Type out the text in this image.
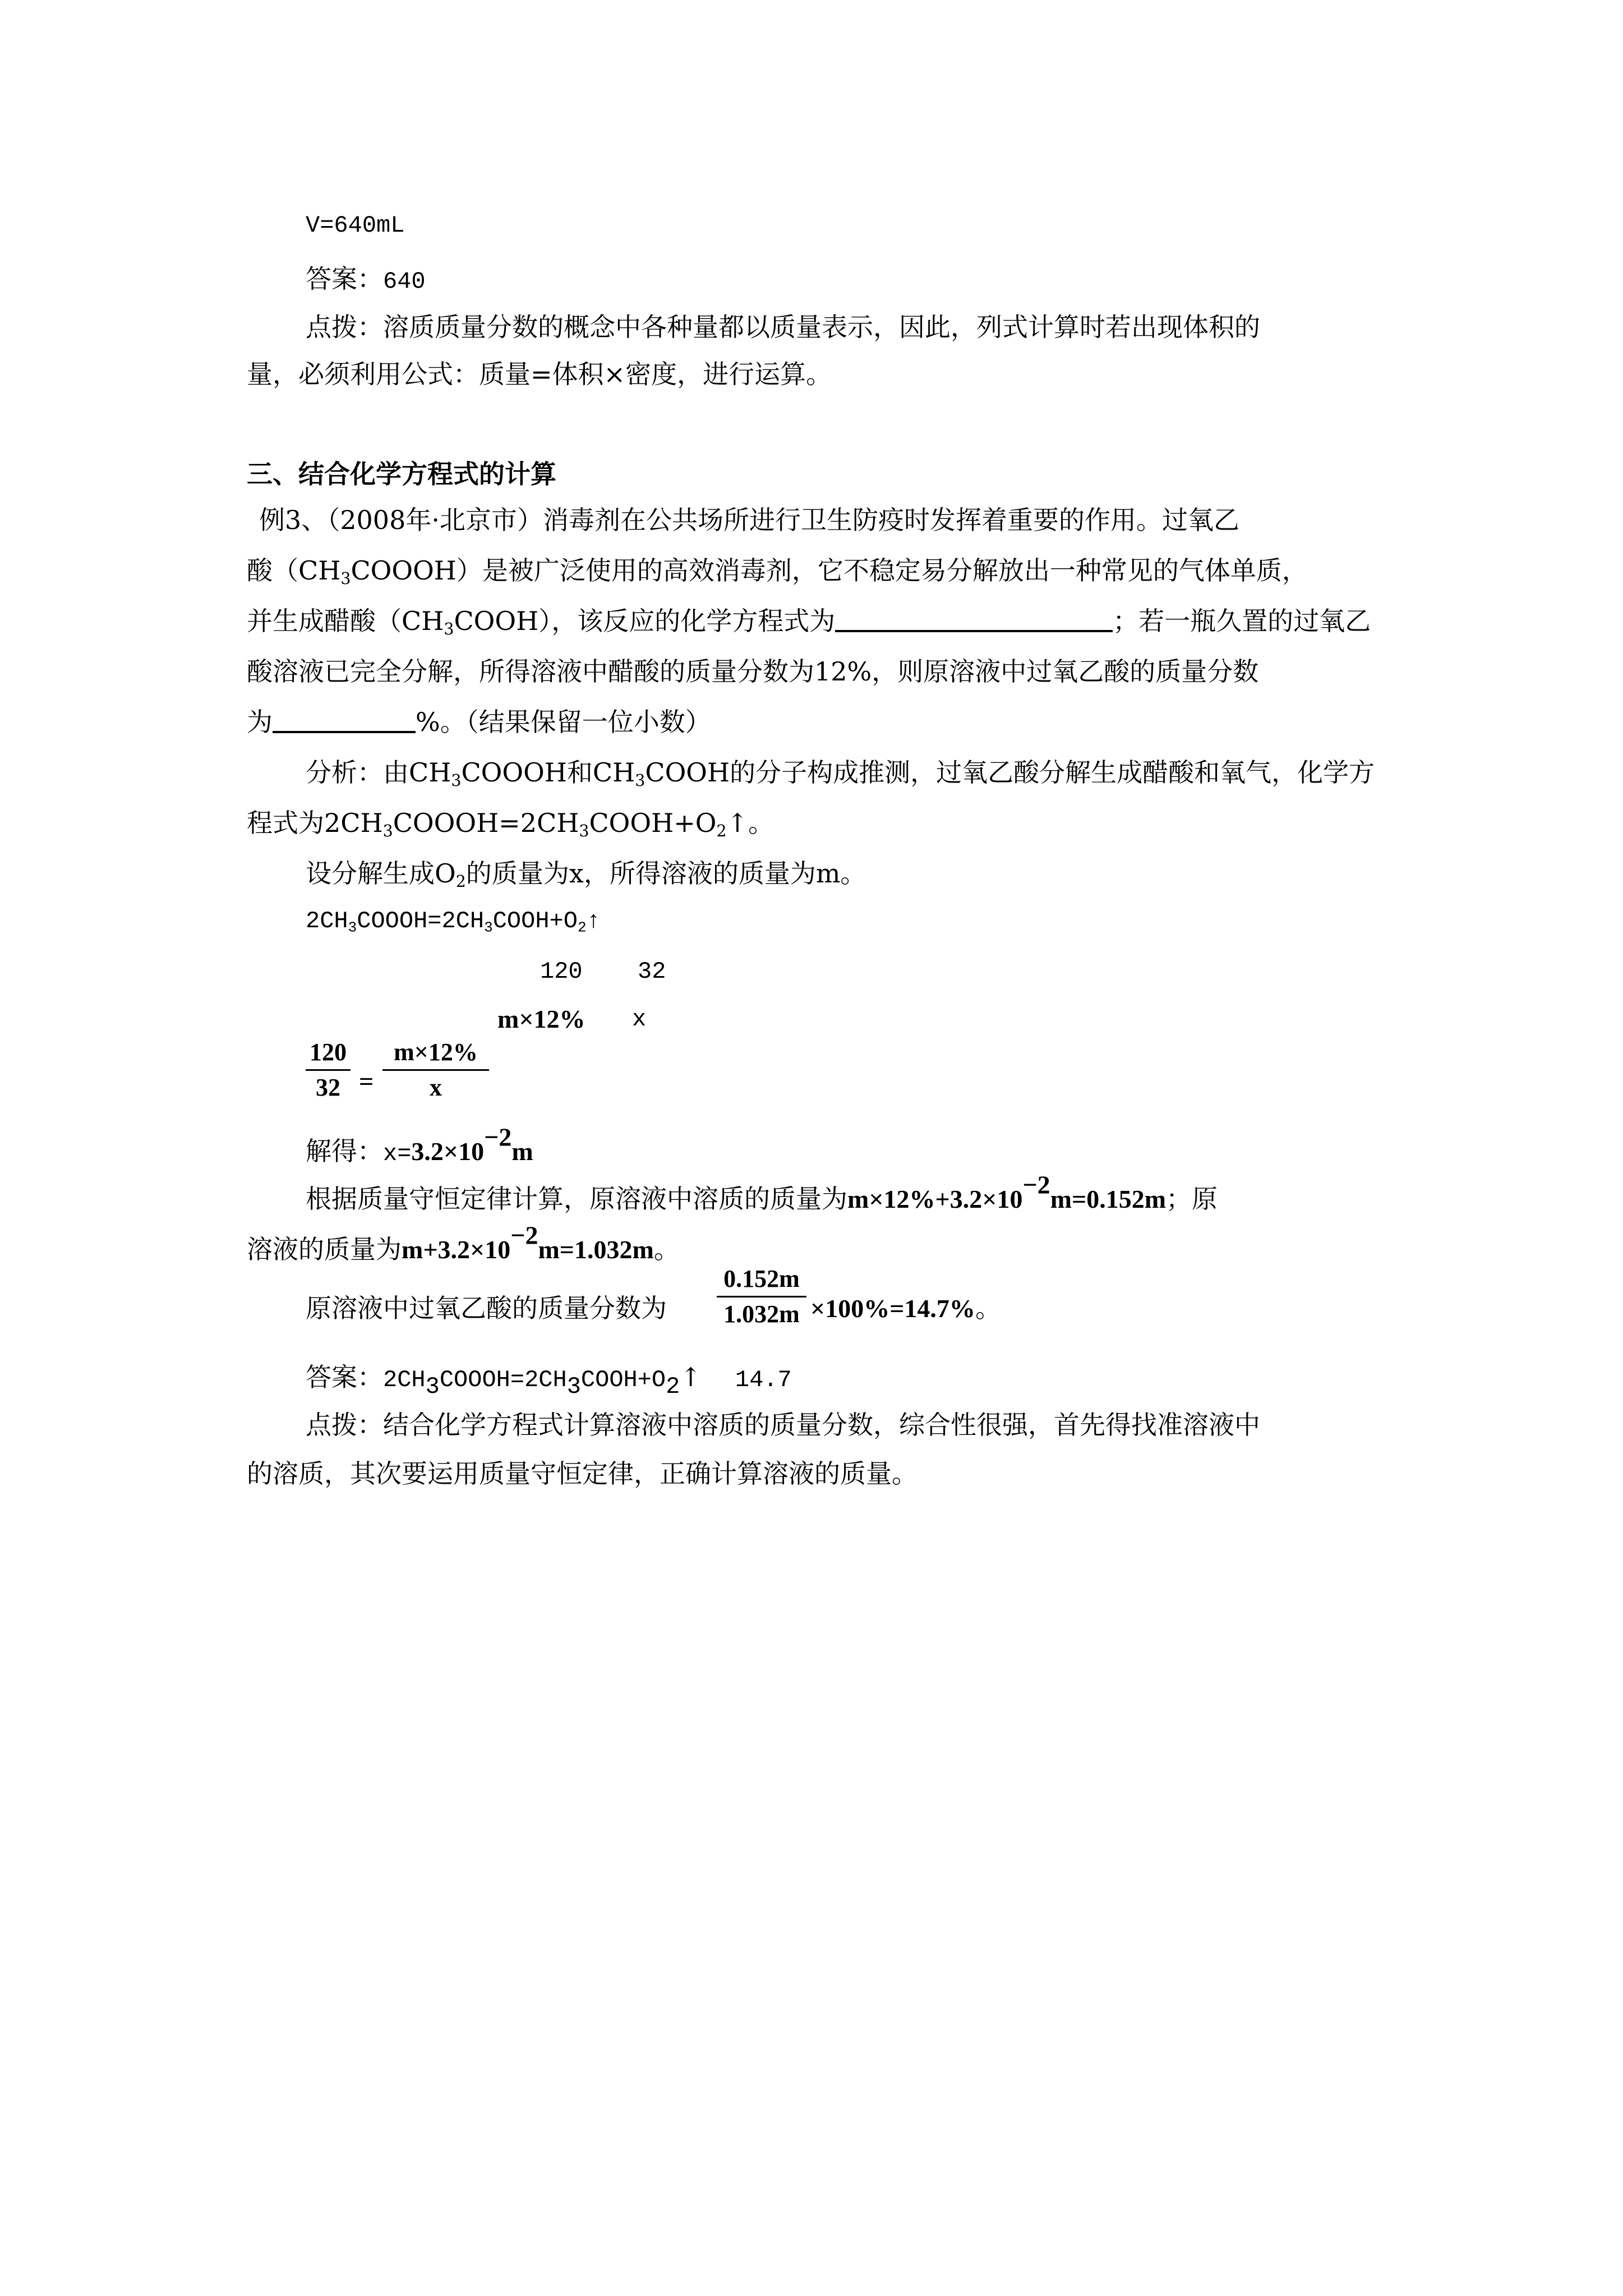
V=640mL
答案：640
点拨：溶质质量分数的概念中各种量都以质量表示，因此，列式计算时若出现体积的
量，必须利用公式：质量=体积×密度，进行运算。
三、结合化学方程式的计算
例3、（2008年·北京市）消毒剂在公共场所进行卫生防疫时发挥着重要的作用。过氧乙
酸$(CH_3COOOH)$是被广泛使用的高效消毒剂，它不稳定易分解放出一种常见的气体单质，
并生成醋酸$(CH_3COOH)$，该反应的化学方程式为	；若一瓶久置的过氧乙
酸溶液已完全分解，所得溶液中醋酸的质量分数为12%，则原溶液中过氧乙酸的质量分数
为	%。（结果保留一位小数）
分析：由$CH_3COOOH$和$CH_3COOH$的分子构成推测，过氧乙酸分解生成醋酸和氧气，化学方
程式为$2CH_3COOOH=2CH_3COOH+O_2↑$。
设分解生成$O_2$的质量为x，所得溶液的质量为m。
$2CH_3COOOH=2CH_3COOH+O_2↑$
120 32
m×12% x
120
32 =
m×12%
x
解得：$x=3.2\times 10^{-2}m$
根据质量守恒定律计算，原溶液中溶质的质量为$m\times 12\%+3.2\times 10^{-2}m=0.152m$；原
溶液的质量为$m+3.2\times 10^{-2}m=1.032m$。
原溶液中过氧乙酸的质量分数为
0.152m
1.032m ×100%=14.7%。
答案：$2CH_3COOOH=2CH_3COOH+O_2↑$ 14.7
点拨：结合化学方程式计算溶液中溶质的质量分数，综合性很强，首先得找准溶液中
的溶质，其次要运用质量守恒定律，正确计算溶液的质量。
